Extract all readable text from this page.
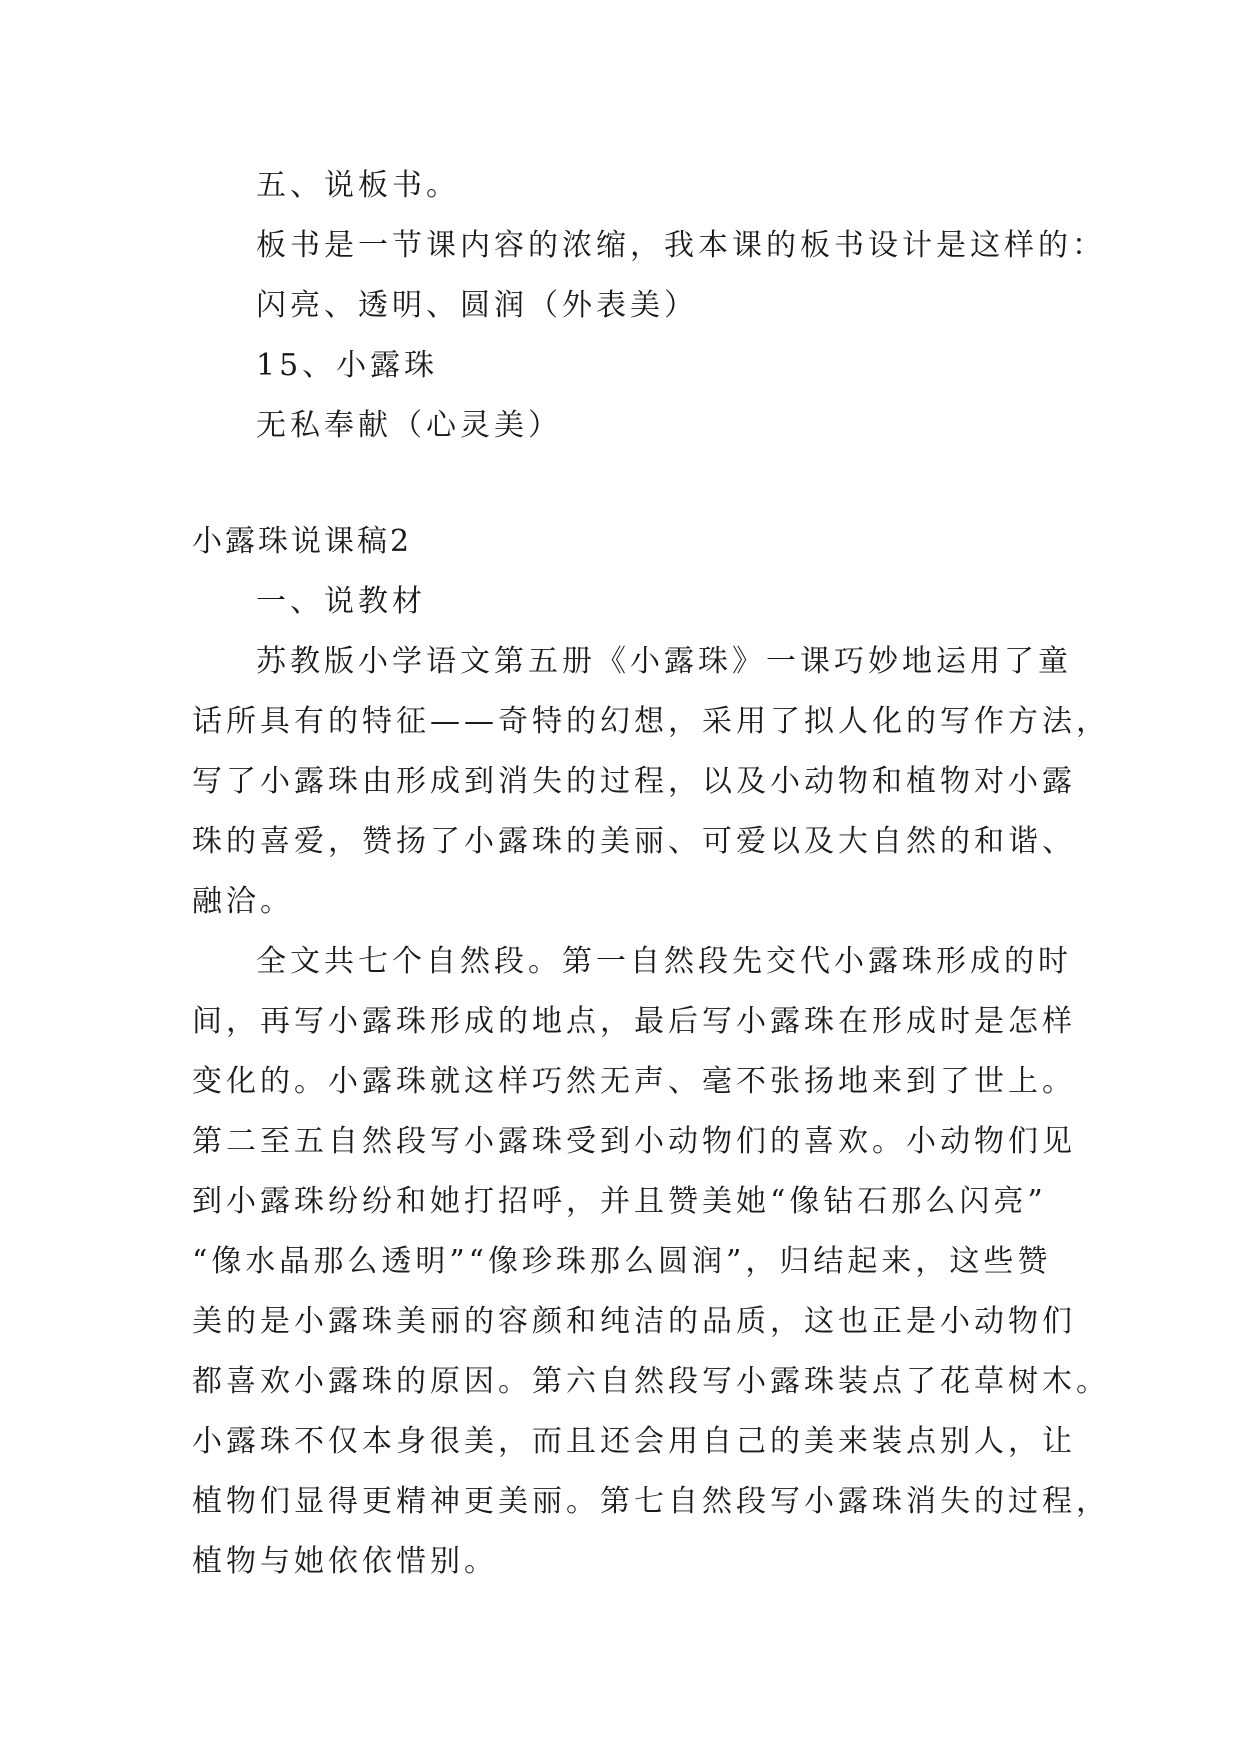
五、说板书。
板书是一节课内容的浓缩，我本课的板书设计是这样的：
闪亮、透明、圆润（外表美）
15、小露珠
无私奉献（心灵美）
小露珠说课稿2
一、说教材
苏教版小学语文第五册《小露珠》一课巧妙地运用了童
话所具有的特征——奇特的幻想，采用了拟人化的写作方法，
写了小露珠由形成到消失的过程，以及小动物和植物对小露
珠的喜爱，赞扬了小露珠的美丽、可爱以及大自然的和谐、
融洽。
全文共七个自然段。第一自然段先交代小露珠形成的时
间，再写小露珠形成的地点，最后写小露珠在形成时是怎样
变化的。小露珠就这样巧然无声、毫不张扬地来到了世上。
第二至五自然段写小露珠受到小动物们的喜欢。小动物们见
到小露珠纷纷和她打招呼，并且赞美她“像钻石那么闪亮”
“像水晶那么透明”“像珍珠那么圆润”，归结起来，这些赞
美的是小露珠美丽的容颜和纯洁的品质，这也正是小动物们
都喜欢小露珠的原因。第六自然段写小露珠装点了花草树木。
小露珠不仅本身很美，而且还会用自己的美来装点别人，让
植物们显得更精神更美丽。第七自然段写小露珠消失的过程，
植物与她依依惜别。
